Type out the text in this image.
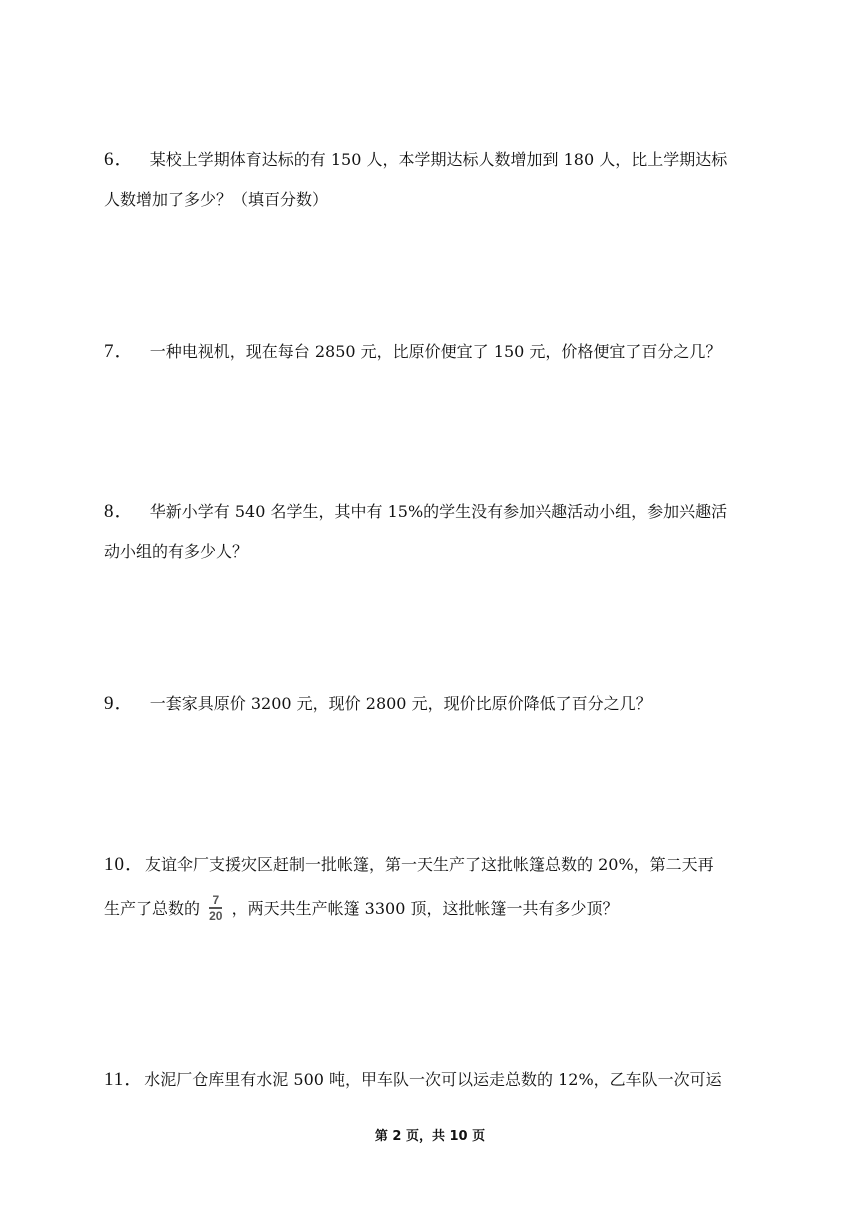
6． 某校上学期体育达标的有 150 人，本学期达标人数增加到 180 人，比上学期达标
人数增加了多少？（填百分数）
7． 一种电视机，现在每台 2850 元，比原价便宜了 150 元，价格便宜了百分之几？
8． 华新小学有 540 名学生，其中有 15%的学生没有参加兴趣活动小组，参加兴趣活
动小组的有多少人？
9． 一套家具原价 3200 元，现价 2800 元，现价比原价降低了百分之几？
10．友谊伞厂支援灾区赶制一批帐篷，第一天生产了这批帐篷总数的 20%，第二天再
生产了总数的 $\frac{7}{20}$ ，两天共生产帐篷 3300 顶，这批帐篷一共有多少顶？
11．水泥厂仓库里有水泥 500 吨，甲车队一次可以运走总数的 12%，乙车队一次可运
第 2 页，共 10 页
